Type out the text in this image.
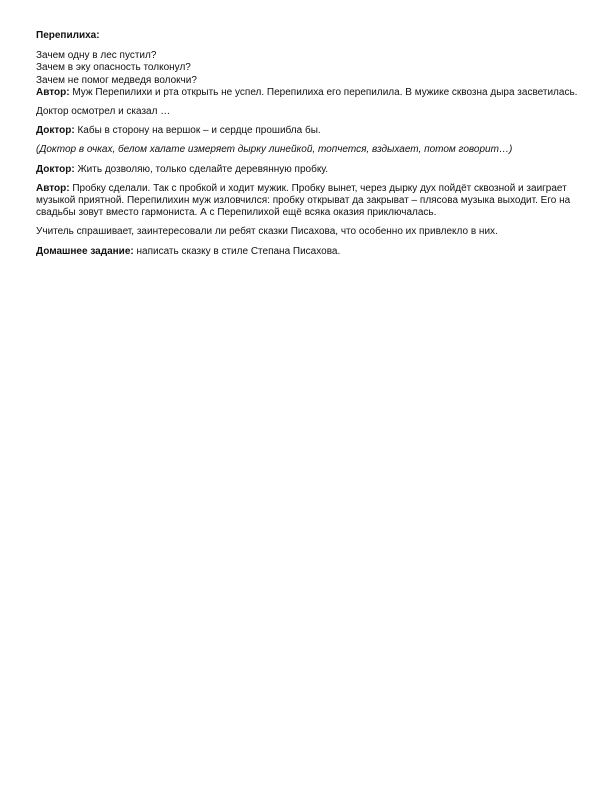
Перепилиха:
Зачем одну в лес пустил?
Зачем в эку опасность толконул?
Зачем не помог медведя волокчи?
Автор: Муж Перепилихи и рта открыть не успел. Перепилиха его перепилила. В мужике сквозна дыра засветилась.
Доктор осмотрел и сказал …
Доктор: Кабы в сторону на вершок – и сердце прошибла бы.
(Доктор в очках, белом халате измеряет дырку линейкой, топчется, вздыхает, потом говорит…)
Доктор: Жить дозволяю, только сделайте деревянную пробку.
Автор: Пробку сделали. Так с пробкой и ходит мужик. Пробку вынет, через дырку дух пойдёт сквозной и заиграет музыкой приятной. Перепилихин муж изловчился: пробку открыват да закрыват – плясова музыка выходит. Его на свадьбы зовут вместо гармониста. А с Перепилихой ещё всяка оказия приключалась.
Учитель спрашивает, заинтересовали ли ребят сказки Писахова, что особенно их привлекло в них.
Домашнее задание: написать сказку в стиле Степана Писахова.
